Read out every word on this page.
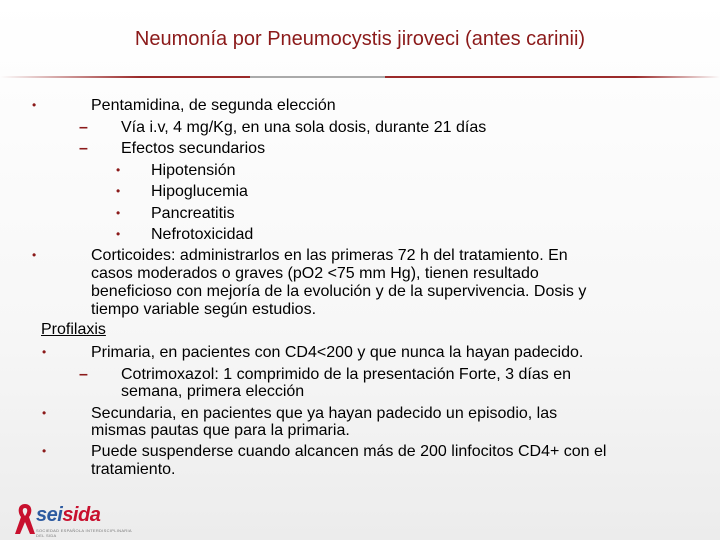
Neumonía por Pneumocystis jiroveci (antes carinii)
•	Pentamidina, de segunda elección
– Vía i.v, 4 mg/Kg, en una sola dosis, durante 21 días
– Efectos secundarios
• Hipotensión
• Hipoglucemia
• Pancreatitis
• Nefrotoxicidad
•	Corticoides: administrarlos en las primeras 72 h del tratamiento. En
casos moderados o graves (pO2 <75 mm Hg), tienen resultado
beneficioso con mejoría de la evolución y de la supervivencia. Dosis y
tiempo variable según estudios.
Profilaxis
•	Primaria, en pacientes con CD4<200 y que nunca la hayan padecido.
– Cotrimoxazol: 1 comprimido de la presentación Forte, 3 días en
semana, primera elección
•	Secundaria, en pacientes que ya hayan padecido un episodio, las
mismas pautas que para la primaria.
•	Puede suspenderse cuando alcancen más de 200 linfocitos CD4+ con el
tratamiento.
seisida
SOCIEDAD ESPAÑOLA INTERDISCIPLINARIA DEL SIDA
